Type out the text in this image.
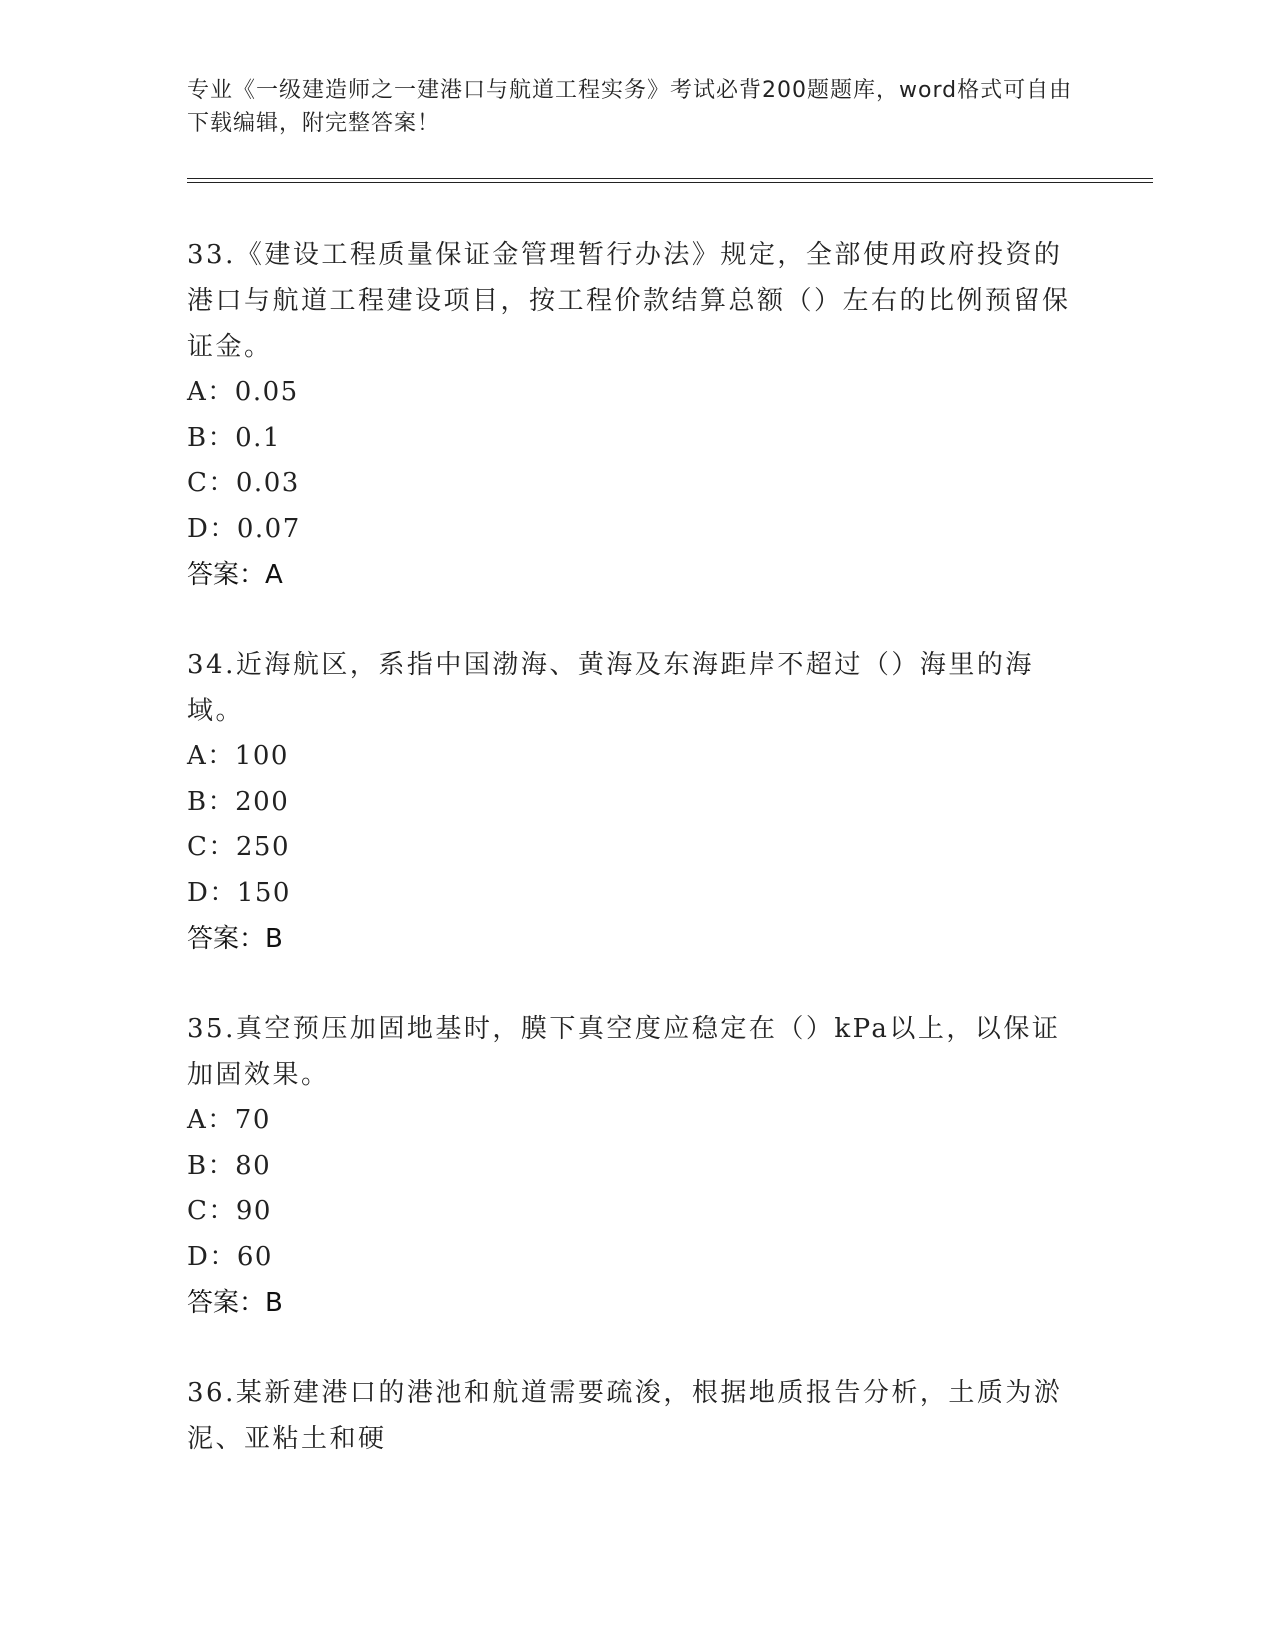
专业《一级建造师之一建港口与航道工程实务》考试必背200题题库，word格式可自由下载编辑，附完整答案！
33.《建设工程质量保证金管理暂行办法》规定，全部使用政府投资的港口与航道工程建设项目，按工程价款结算总额（）左右的比例预留保证金。
A：0.05
B：0.1
C：0.03
D：0.07
答案：A
34.近海航区，系指中国渤海、黄海及东海距岸不超过（）海里的海域。
A：100
B：200
C：250
D：150
答案：B
35.真空预压加固地基时，膜下真空度应稳定在（）kPa以上，以保证加固效果。
A：70
B：80
C：90
D：60
答案：B
36.某新建港口的港池和航道需要疏浚，根据地质报告分析，土质为淤泥、亚粘土和硬
